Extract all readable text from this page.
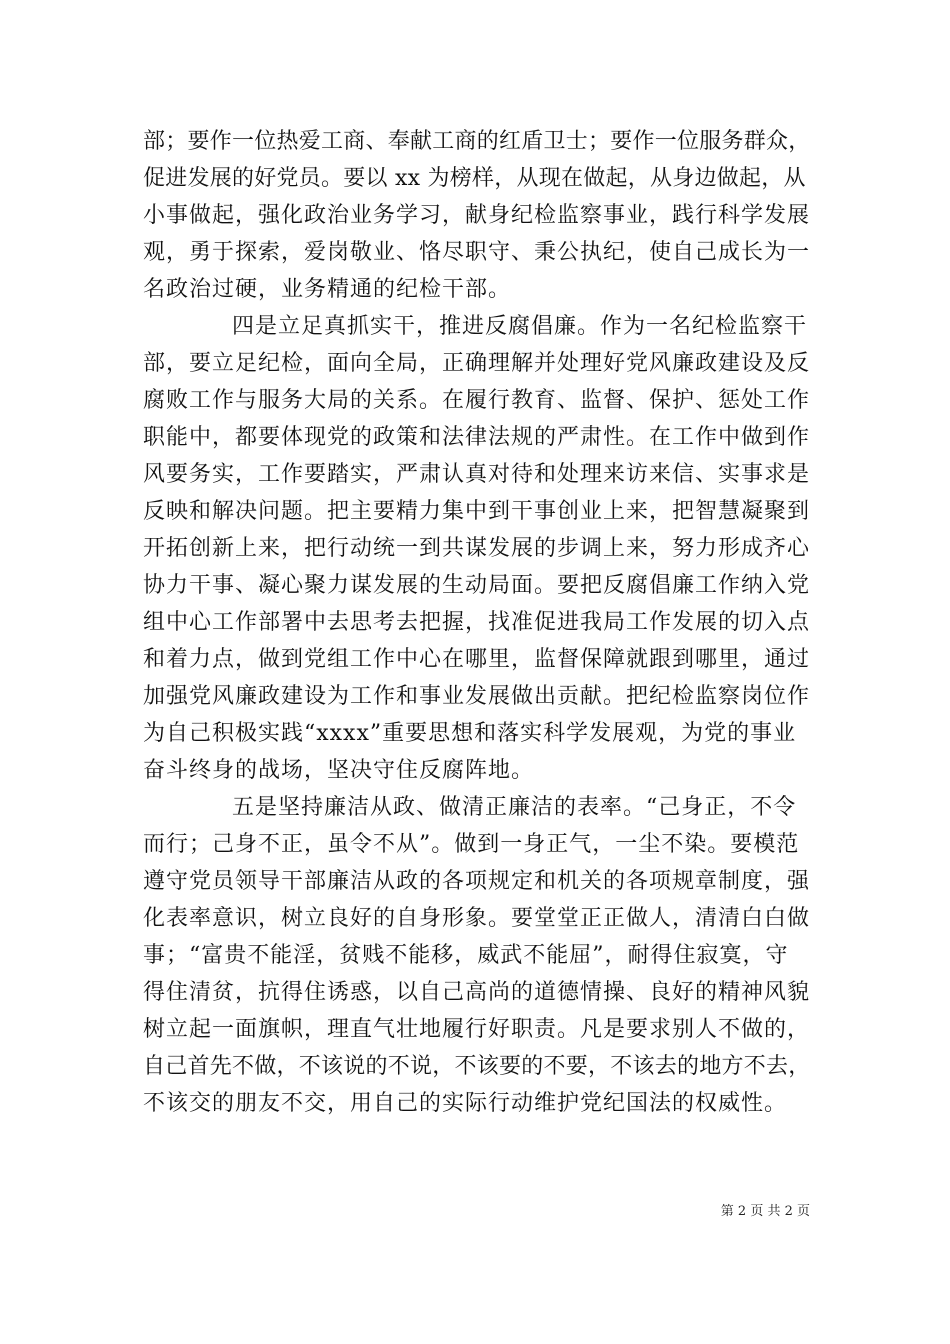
部；要作一位热爱工商、奉献工商的红盾卫士；要作一位服务群众，
促进发展的好党员。要以 xx 为榜样，从现在做起，从身边做起，从
小事做起，强化政治业务学习，献身纪检监察事业，践行科学发展
观，勇于探索，爱岗敬业、恪尽职守、秉公执纪，使自己成长为一
名政治过硬，业务精通的纪检干部。
四是立足真抓实干，推进反腐倡廉。作为一名纪检监察干
部，要立足纪检，面向全局，正确理解并处理好党风廉政建设及反
腐败工作与服务大局的关系。在履行教育、监督、保护、惩处工作
职能中，都要体现党的政策和法律法规的严肃性。在工作中做到作
风要务实，工作要踏实，严肃认真对待和处理来访来信、实事求是
反映和解决问题。把主要精力集中到干事创业上来，把智慧凝聚到
开拓创新上来，把行动统一到共谋发展的步调上来，努力形成齐心
协力干事、凝心聚力谋发展的生动局面。要把反腐倡廉工作纳入党
组中心工作部署中去思考去把握，找准促进我局工作发展的切入点
和着力点，做到党组工作中心在哪里，监督保障就跟到哪里，通过
加强党风廉政建设为工作和事业发展做出贡献。把纪检监察岗位作
为自己积极实践“xxxx”重要思想和落实科学发展观，为党的事业
奋斗终身的战场，坚决守住反腐阵地。
五是坚持廉洁从政、做清正廉洁的表率。“己身正，不令
而行；己身不正，虽令不从”。做到一身正气，一尘不染。要模范
遵守党员领导干部廉洁从政的各项规定和机关的各项规章制度，强
化表率意识，树立良好的自身形象。要堂堂正正做人，清清白白做
事；“富贵不能淫，贫贱不能移，威武不能屈”，耐得住寂寞，守
得住清贫，抗得住诱惑，以自己高尚的道德情操、良好的精神风貌
树立起一面旗帜，理直气壮地履行好职责。凡是要求别人不做的，
自己首先不做，不该说的不说，不该要的不要，不该去的地方不去，
不该交的朋友不交，用自己的实际行动维护党纪国法的权威性。
第 2 页 共 2 页
